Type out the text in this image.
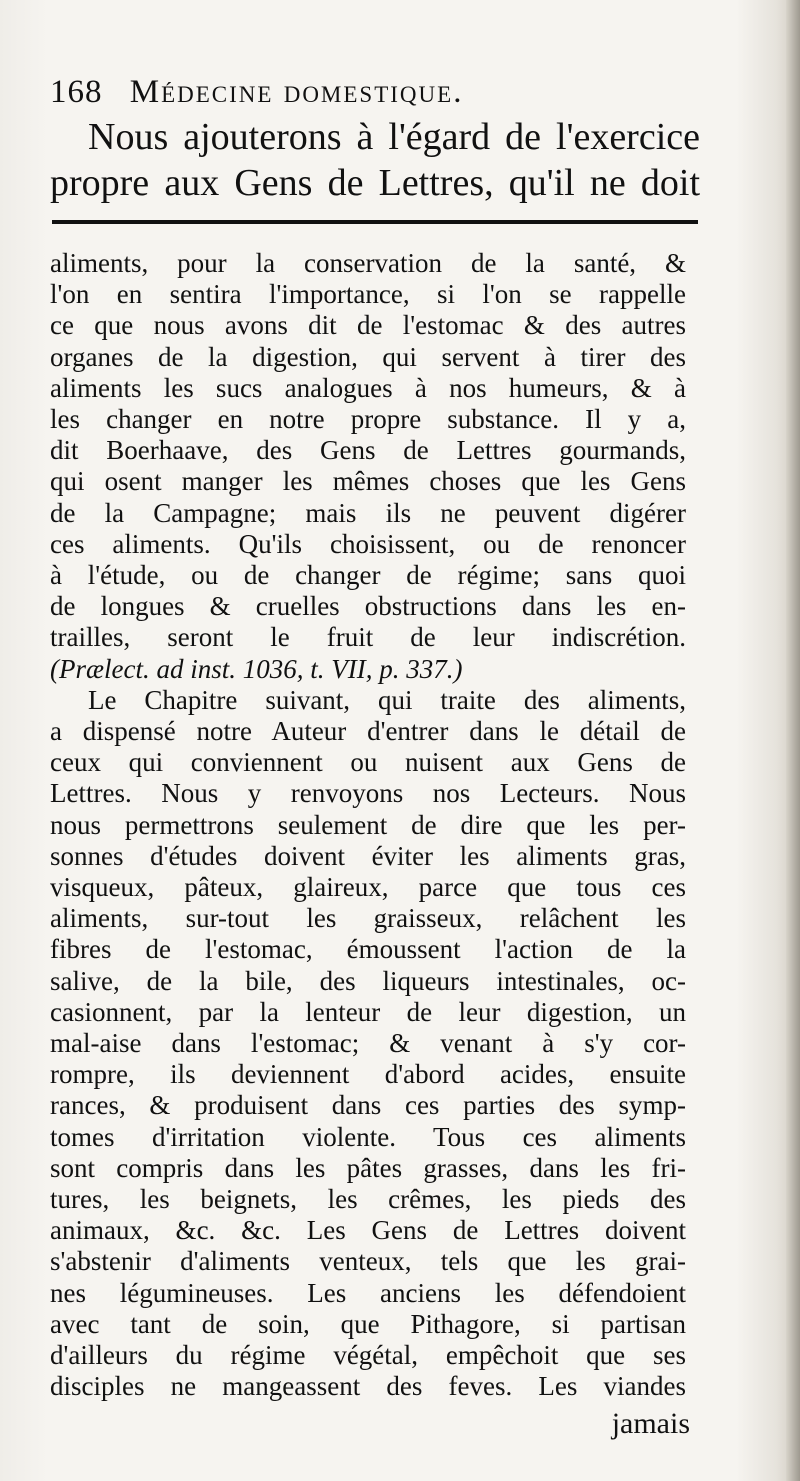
168 Médecine domestique.
Nous ajouterons à l'égard de l'exercice
propre aux Gens de Lettres, qu'il ne doit
aliments, pour la conservation de la santé, &
l'on en sentira l'importance, si l'on se rappelle
ce que nous avons dit de l'estomac & des autres
organes de la digestion, qui servent à tirer des
aliments les sucs analogues à nos humeurs, & à
les changer en notre propre substance. Il y a,
dit Boerhaave, des Gens de Lettres gourmands,
qui osent manger les mêmes choses que les Gens
de la Campagne; mais ils ne peuvent digérer
ces aliments. Qu'ils choisissent, ou de renoncer
à l'étude, ou de changer de régime; sans quoi
de longues & cruelles obstructions dans les en-
trailles, seront le fruit de leur indiscrétion.
(Prælect. ad inst. 1036, t. VII, p. 337.)
Le Chapitre suivant, qui traite des aliments,
a dispensé notre Auteur d'entrer dans le détail de
ceux qui conviennent ou nuisent aux Gens de
Lettres. Nous y renvoyons nos Lecteurs. Nous
nous permettrons seulement de dire que les per-
sonnes d'études doivent éviter les aliments gras,
visqueux, pâteux, glaireux, parce que tous ces
aliments, sur-tout les graisseux, relâchent les
fibres de l'estomac, émoussent l'action de la
salive, de la bile, des liqueurs intestinales, oc-
casionnent, par la lenteur de leur digestion, un
mal-aise dans l'estomac; & venant à s'y cor-
rompre, ils deviennent d'abord acides, ensuite
rances, & produisent dans ces parties des symp-
tomes d'irritation violente. Tous ces aliments
sont compris dans les pâtes grasses, dans les fri-
tures, les beignets, les crêmes, les pieds des
animaux, &c. &c. Les Gens de Lettres doivent
s'abstenir d'aliments venteux, tels que les grai-
nes légumineuses. Les anciens les défendoient
avec tant de soin, que Pithagore, si partisan
d'ailleurs du régime végétal, empêchoit que ses
disciples ne mangeassent des feves. Les viandes
jamais
